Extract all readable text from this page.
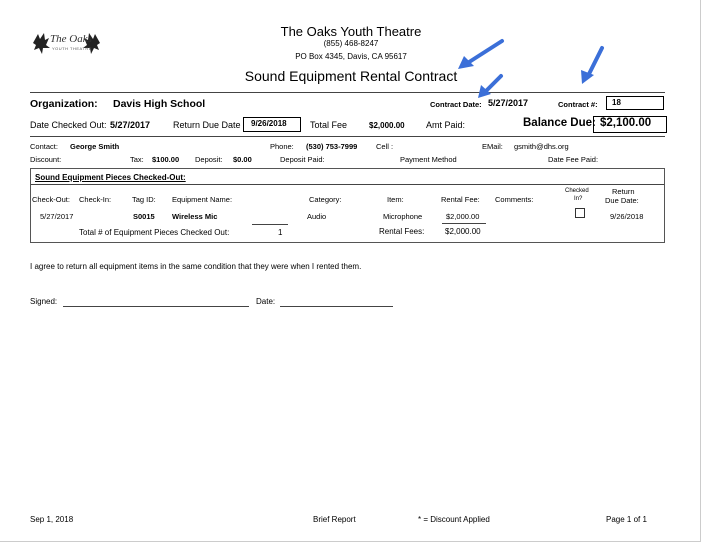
The Oaks
YOUTH THEATRE
The Oaks Youth Theatre
(855) 468-8247
PO Box 4345, Davis, CA 95617
Sound Equipment Rental Contract
Organization: Davis High School	Contract Date: 5/27/2017	Contract #: 18
Date Checked Out: 5/27/2017	Return Due Date 9/26/2018	Total Fee	$2,000.00 Amt Paid:	Balance Due: $2,100.00
Contact: George Smith	Phone: (530) 753-7999 Cell :	EMail: gsmith@dhs.org
Discount:	Tax: $100.00 Deposit: $0.00	Deposit Paid:	Payment Method	Date Fee Paid:
Sound Equipment Pieces Checked-Out:
Check-Out: Check-In:	Tag ID: Equipment Name:	Category:	Item:	Rental Fee: Comments:
Checked
In?
Return
Due Date:
5/27/2017	S0015 Wireless Mic	Audio	Microphone	$2,000.00	9/26/2018
Total # of Equipment Pieces Checked Out:	1	Rental Fees:	$2,000.00
I agree to return all equipment items in the same condition that they were when I rented them.
Signed:	Date:
Sep 1, 2018	Brief Report	* = Discount Applied	Page 1 of 1
